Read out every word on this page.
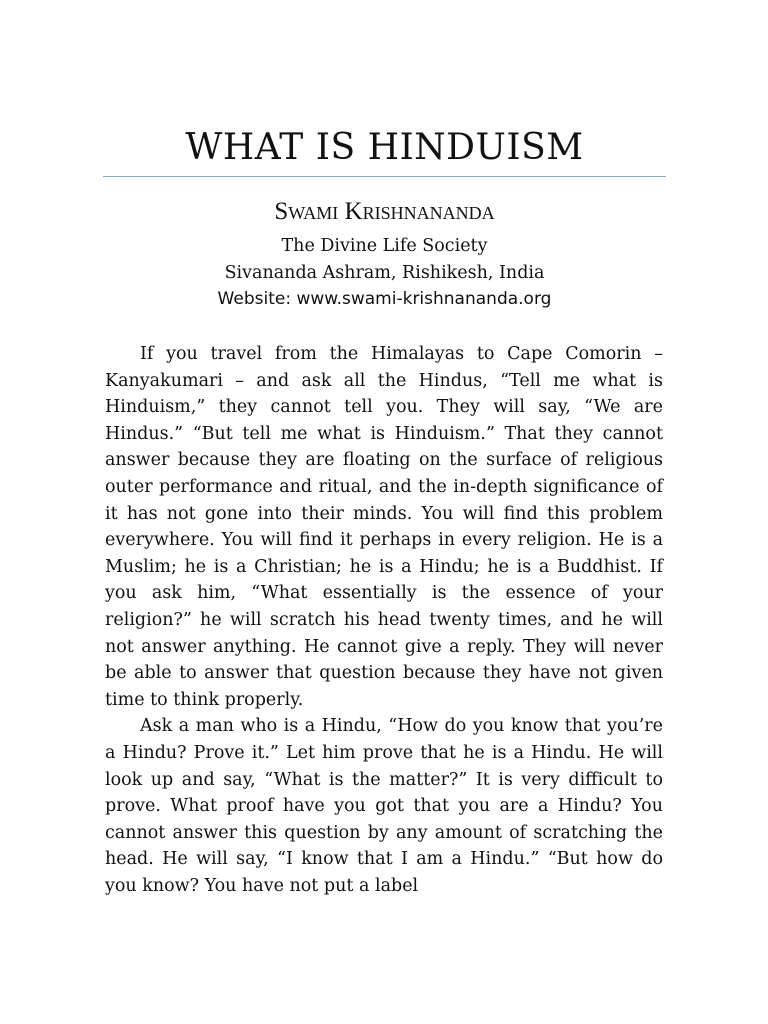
WHAT IS HINDUISM
Swami Krishnananda
The Divine Life Society
Sivananda Ashram, Rishikesh, India
Website: www.swami-krishnananda.org

If you travel from the Himalayas to Cape Comorin – Kanyakumari – and ask all the Hindus, “Tell me what is Hinduism,” they cannot tell you. They will say, “We are Hindus.” “But tell me what is Hinduism.” That they cannot answer because they are floating on the surface of religious outer performance and ritual, and the in-depth significance of it has not gone into their minds. You will find this problem everywhere. You will find it perhaps in every religion. He is a Muslim; he is a Christian; he is a Hindu; he is a Buddhist. If you ask him, “What essentially is the essence of your religion?” he will scratch his head twenty times, and he will not answer anything. He cannot give a reply. They will never be able to answer that question because they have not given time to think properly.

Ask a man who is a Hindu, “How do you know that you’re a Hindu? Prove it.” Let him prove that he is a Hindu. He will look up and say, “What is the matter?” It is very difficult to prove. What proof have you got that you are a Hindu? You cannot answer this question by any amount of scratching the head. He will say, “I know that I am a Hindu.” “But how do you know? You have not put a label
